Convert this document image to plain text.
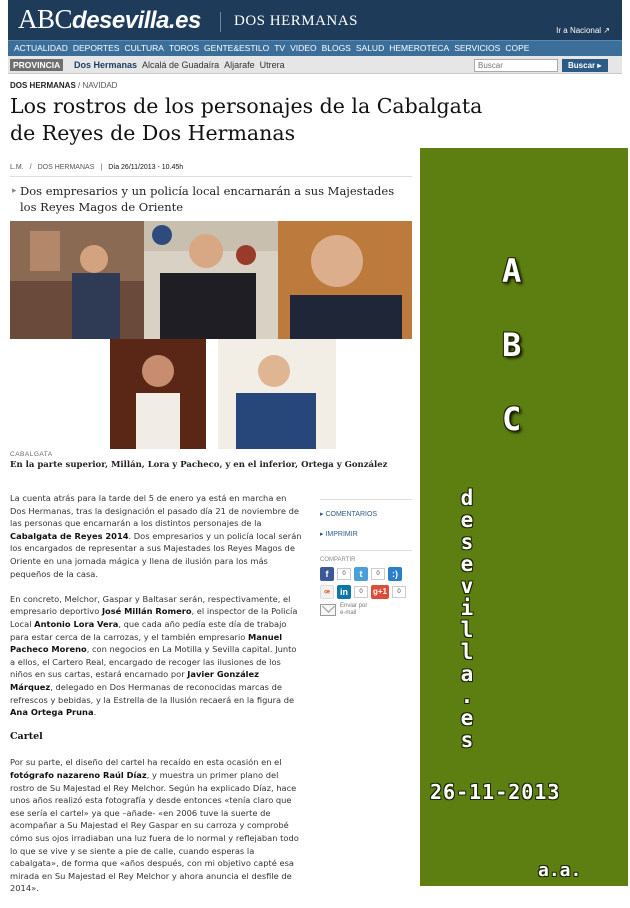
ABCdesevilla.es DOS HERMANAS
Ir a Nacional ↗
ACTUALIDAD DEPORTES CULTURA TOROS GENTE&ESTILO TV VIDEO BLOGS SALUD HEMEROTECA SERVICIOS COPE
PROVINCIA	Dos Hermanas Alcalá de Guadaíra Aljarafe Utrera
Buscar	Buscar ▸
DOS HERMANAS / NAVIDAD
Los rostros de los personajes de la Cabalgata de Reyes de Dos Hermanas
L.M. / DOS HERMANAS | Día 26/11/2013 - 10.45h
▸ Dos empresarios y un policía local encarnarán a sus Majestades los Reyes Magos de Oriente
CABALGATA
En la parte superior, Millán, Lora y Pacheco, y en el inferior, Ortega y González

La cuenta atrás para la tarde del 5 de enero ya está en marcha en Dos Hermanas, tras la designación el pasado día 21 de noviembre de las personas que encarnarán a los distintos personajes de la Cabalgata de Reyes 2014. Dos empresarios y un policía local serán los encargados de representar a sus Majestades los Reyes Magos de Oriente en una jornada mágica y llena de ilusión para los más pequeños de la casa.

En concreto, Melchor, Gaspar y Baltasar serán, respectivamente, el empresario deportivo José Millán Romero, el inspector de la Policía Local Antonio Lora Vera, que cada año pedía este día de trabajo para estar cerca de la carrozas, y el también empresario Manuel Pacheco Moreno, con negocios en La Motilla y Sevilla capital. Junto a ellos, el Cartero Real, encargado de recoger las ilusiones de los niños en sus cartas, estará encarnado por Javier González Márquez, delegado en Dos Hermanas de reconocidas marcas de refrescos y bebidas, y la Estrella de la Ilusión recaerá en la figura de Ana Ortega Pruna.

Cartel

Por su parte, el diseño del cartel ha recaído en esta ocasión en el fotógrafo nazareno Raúl Díaz, y muestra un primer plano del rostro de Su Majestad el Rey Melchor. Según ha explicado Díaz, hace unos años realizó esta fotografía y desde entonces «tenía claro que ese sería el cartel» ya que –añade- «en 2006 tuve la suerte de acompañar a Su Majestad el Rey Gaspar en su carroza y comprobé cómo sus ojos irradiaban una luz fuera de lo normal y reflejaban todo lo que se vive y se siente a pie de calle, cuando esperas la cabalgata», de forma que «años después, con mi objetivo capté esa mirada en Su Majestad el Rey Melchor y ahora anuncia el desfile de 2014».

▸ COMENTARIOS
▸ IMPRIMIR
COMPARTIR
f	0	t	0	:)
ꟹ	in	0	g+1	0
Enviar por e-mail
A
B
C
d
e
s
e
v
i
l
l
a
.
e
s
26-11-2013
a.a.
